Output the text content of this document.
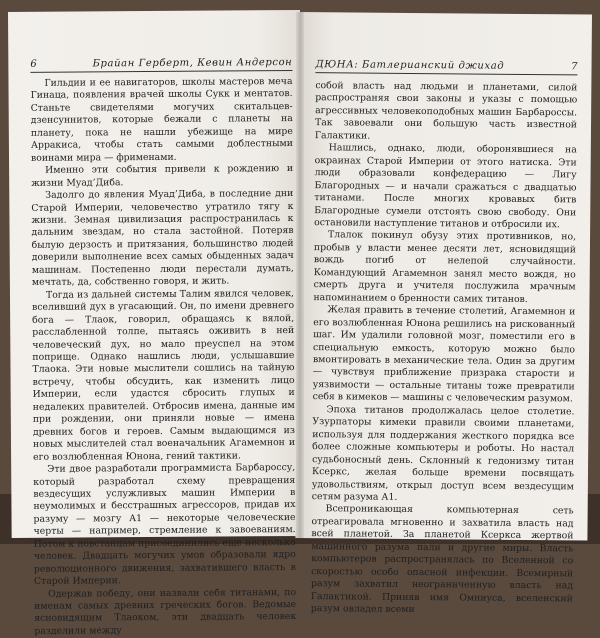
6	Брайан Герберт, Кевин Андерсон

Гильдии и ее навигаторов, школы мастеров меча Гинаца, появления врачей школы Сукк и ментатов. Станьте свидетелями могучих скитальцев-дзенсуннитов, которые бежали с планеты на планету, пока не нашли убежище на мире Арракиса, чтобы стать самыми доблестными воинами мира — фрименами.

Именно эти события привели к рождению и жизни Муад’Диба.

Задолго до явления Муад’Диба, в последние дни Старой Империи, человечество утратило тягу к жизни. Земная цивилизация распространилась к дальним звездам, но стала застойной. Потеряв былую дерзость и притязания, большинство людей доверили выполнение всех самых обыденных задач машинам. Постепенно люди перестали думать, мечтать, да, собственно говоря, и жить.

Тогда из дальней системы Талим явился человек, вселивший дух в угасающий. Он, по имени древнего бога — Тлаок, говорил, обращаясь к вялой, расслабленной толпе, пытаясь оживить в ней человеческий дух, но мало преуспел на этом поприще. Однако нашлись люди, услышавшие Тлаока. Эти новые мыслители сошлись на тайную встречу, чтобы обсудить, как изменить лицо Империи, если удастся сбросить глупых и недалеких правителей. Отбросив имена, данные им при рождении, они приняли новые — имена древних богов и героев. Самым выдающимся из новых мыслителей стал военачальник Агамемнон и его возлюбленная Юнона, гений тактики.

Эти двое разработали программиста Барбароссу, который разработал схему превращения вездесущих услужливых машин Империи в неумолимых и бесстрашных агрессоров, придав их разуму — мозгу А1 — некоторые человеческие черты — например, стремление к завоеваниям. Потом к повстанцам присоединились еще несколько человек. Двадцать могучих умов образовали ядро революционного движения, захватившего власть в Старой Империи.

Одержав победу, они назвали себя титанами, по именам самых древних греческих богов. Ведомые ясновидящим Тлаоком, эти двадцать человек разделили между

ДЮНА: Батлерианский джихад	7

собой власть над людьми и планетами, силой распространяя свои законы и указы с помощью агрессивных человекоподобных машин Барбароссы. Так завоевали они большую часть известной Галактики.

Нашлись, однако, люди, оборонявшиеся на окраинах Старой Империи от этого натиска. Эти люди образовали конфедерацию — Лигу Благородных — и начали сражаться с двадцатью титанами. После многих кровавых битв Благородные сумели отстоять свою свободу. Они остановили наступление титанов и отбросили их.

Тлалок покинул обузу этих противников, но, пробыв у власти менее десяти лет, ясновидящий вождь погиб от нелепой случайности. Командующий Агамемнон занял место вождя, но смерть друга и учителя послужила мрачным напоминанием о бренности самих титанов.

Желая править в течение столетий, Агамемнон и его возлюбленная Юнона решились на рискованный шаг. Им удалили головной мозг, поместили его в специальную емкость, которую можно было вмонтировать в механические тела. Один за другим — чувствуя приближение призрака старости и уязвимости — остальные титаны тоже превратили себя в кимеков — машины с человеческим разумом.

Эпоха титанов продолжалась целое столетие. Узурпаторы кимеки правили своими планетами, используя для поддержания жесткого порядка все более сложные компьютеры и роботы. Но настал судьбоносный день. Склонный к гедонизму титан Ксеркс, желая больше времени посвящать удовольствиям, открыл доступ всем вездесущим сетям разума А1.

Всепроникающая компьютерная сеть отреагировала мгновенно и захватила власть над всей планетой. За планетой Ксеркса жертвой машинного разума пали и другие миры. Власть компьютеров распространялась по Вселенной со скоростью особо опасной инфекции. Всемирный разум захватил неограниченную власть над Галактикой. Приняв имя Омниуса, вселенский разум овладел всеми
